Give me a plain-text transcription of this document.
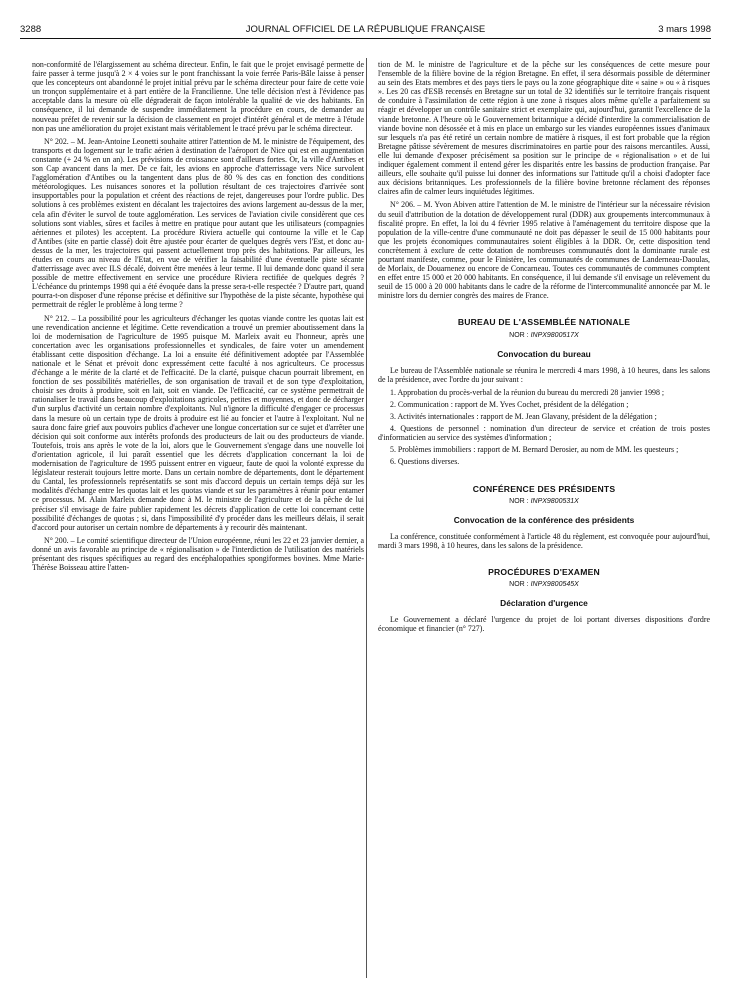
3288	JOURNAL OFFICIEL DE LA RÉPUBLIQUE FRANÇAISE	3 mars 1998

non-conformité de l'élargissement au schéma directeur. Enfin, le fait que le projet envisagé permette de faire passer à terme jusqu'à 2 × 4 voies sur le pont franchissant la voie ferrée Paris-Bâle laisse à penser que les concepteurs ont abandonné le projet initial prévu par le schéma directeur pour faire de cette voie un tronçon supplémentaire et à part entière de la Francilienne. Une telle décision n'est à l'évidence pas acceptable dans la mesure où elle dégraderait de façon intolérable la qualité de vie des habitants. En conséquence, il lui demande de suspendre immédiatement la procédure en cours, de demander au nouveau préfet de revenir sur la décision de classement en projet d'intérêt général et de mettre à l'étude non pas une amélioration du projet existant mais véritablement le tracé prévu par le schéma directeur.

N° 202. – M. Jean-Antoine Leonetti souhaite attirer l'attention de M. le ministre de l'équipement, des transports et du logement sur le trafic aérien à destination de l'aéroport de Nice qui est en augmentation constante (+ 24 % en un an). Les prévisions de croissance sont d'ailleurs fortes. Or, la ville d'Antibes et son Cap avancent dans la mer. De ce fait, les avions en approche d'atterrissage vers Nice survolent l'agglomération d'Antibes ou la tangentent dans plus de 80 % des cas en fonction des conditions météorologiques. Les nuisances sonores et la pollution résultant de ces trajectoires d'arrivée sont insupportables pour la population et créent des réactions de rejet, dangereuses pour l'ordre public. Des solutions à ces problèmes existent en décalant les trajectoires des avions largement au-dessus de la mer, cela afin d'éviter le survol de toute agglomération. Les services de l'aviation civile considèrent que ces solutions sont viables, sûres et faciles à mettre en pratique pour autant que les utilisateurs (compagnies aériennes et pilotes) les acceptent. La procédure Riviera actuelle qui contourne la ville et le Cap d'Antibes (site en partie classé) doit être ajustée pour écarter de quelques degrés vers l'Est, et donc au-dessus de la mer, les trajectoires qui passent actuellement trop près des habitations. Par ailleurs, les études en cours au niveau de l'Etat, en vue de vérifier la faisabilité d'une éventuelle piste sécante d'atterrissage avec avec ILS décalé, doivent être menées à leur terme. Il lui demande donc quand il sera possible de mettre effectivement en service une procédure Riviera rectifiée de quelques degrés ? L'échéance du printemps 1998 qui a été évoquée dans la presse sera-t-elle respectée ? D'autre part, quand pourra-t-on disposer d'une réponse précise et définitive sur l'hypothèse de la piste sécante, hypothèse qui permettrait de régler le problème à long terme ?

N° 212. – La possibilité pour les agriculteurs d'échanger les quotas viande contre les quotas lait est une revendication ancienne et légitime. Cette revendication a trouvé un premier aboutissement dans la loi de modernisation de l'agriculture de 1995 puisque M. Marleix avait eu l'honneur, après une concertation avec les organisations professionnelles et syndicales, de faire voter un amendement établissant cette disposition d'échange. La loi a ensuite été définitivement adoptée par l'Assemblée nationale et le Sénat et prévoit donc expressément cette faculté à nos agriculteurs. Ce processus d'échange a le mérite de la clarté et de l'efficacité. De la clarté, puisque chacun pourrait librement, en fonction de ses possibilités matérielles, de son organisation de travail et de son type d'exploitation, choisir ses droits à produire, soit en lait, soit en viande. De l'efficacité, car ce système permettrait de rationaliser le travail dans beaucoup d'exploitations agricoles, petites et moyennes, et donc de décharger d'un surplus d'activité un certain nombre d'exploitants. Nul n'ignore la difficulté d'engager ce processus dans la mesure où un certain type de droits à produire est lié au foncier et l'autre à l'exploitant. Nul ne saura donc faire grief aux pouvoirs publics d'achever une longue concertation sur ce sujet et d'arrêter une décision qui soit conforme aux intérêts profonds des producteurs de lait ou des producteurs de viande. Toutefois, trois ans après le vote de la loi, alors que le Gouvernement s'engage dans une nouvelle loi d'orientation agricole, il lui paraît essentiel que les décrets d'application concernant la loi de modernisation de l'agriculture de 1995 puissent entrer en vigueur, faute de quoi la volonté expresse du législateur resterait toujours lettre morte. Dans un certain nombre de départements, dont le département du Cantal, les professionnels représentatifs se sont mis d'accord depuis un certain temps déjà sur les modalités d'échange entre les quotas lait et les quotas viande et sur les paramètres à réunir pour entamer ce processus. M. Alain Marleix demande donc à M. le ministre de l'agriculture et de la pêche de lui préciser s'il envisage de faire publier rapidement les décrets d'application de cette loi concernant cette possibilité d'échanges de quotas ; si, dans l'impossibilité d'y procéder dans les meilleurs délais, il serait d'accord pour autoriser un certain nombre de départements à y recourir dès maintenant.

N° 200. – Le comité scientifique directeur de l'Union européenne, réuni les 22 et 23 janvier dernier, a donné un avis favorable au principe de « régionalisation » de l'interdiction de l'utilisation des matériels présentant des risques spécifiques au regard des encéphalopathies spongiformes bovines. Mme Marie-Thérèse Boisseau attire l'atten-

tion de M. le ministre de l'agriculture et de la pêche sur les conséquences de cette mesure pour l'ensemble de la filière bovine de la région Bretagne. En effet, il sera désormais possible de déterminer au sein des Etats membres et des pays tiers le pays ou la zone géographique dite « saine » ou « à risques ». Les 20 cas d'ESB recensés en Bretagne sur un total de 32 identifiés sur le territoire français risquent de conduire à l'assimilation de cette région à une zone à risques alors même qu'elle a parfaitement su réagir et développer un contrôle sanitaire strict et exemplaire qui, aujourd'hui, garantit l'excellence de la viande bretonne. A l'heure où le Gouvernement britannique a décidé d'interdire la commercialisation de viande bovine non désossée et à mis en place un embargo sur les viandes européennes issues d'animaux sur lesquels n'a pas été retiré un certain nombre de matière à risques, il est fort probable que la région Bretagne pâtisse sévèrement de mesures discriminatoires en partie pour des raisons mercantiles. Aussi, elle lui demande d'exposer précisément sa position sur le principe de « régionalisation » et de lui indiquer également comment il entend gérer les disparités entre les bassins de production française. Par ailleurs, elle souhaite qu'il puisse lui donner des informations sur l'attitude qu'il a choisi d'adopter face aux décisions britanniques. Les professionnels de la filière bovine bretonne réclament des réponses claires afin de calmer leurs inquiétudes légitimes.

N° 206. – M. Yvon Abiven attire l'attention de M. le ministre de l'intérieur sur la nécessaire révision du seuil d'attribution de la dotation de développement rural (DDR) aux groupements intercommunaux à fiscalité propre. En effet, la loi du 4 février 1995 relative à l'aménagement du territoire dispose que la population de la ville-centre d'une communauté ne doit pas dépasser le seuil de 15 000 habitants pour que les projets économiques communautaires soient éligibles à la DDR. Or, cette disposition tend concrètement à exclure de cette dotation de nombreuses communautés dont la dominante rurale est pourtant manifeste, comme, pour le Finistère, les communautés de communes de Landerneau-Daoulas, de Morlaix, de Douarnenez ou encore de Concarneau. Toutes ces communautés de communes comptent en effet entre 15 000 et 20 000 habitants. En conséquence, il lui demande s'il envisage un relèvement du seuil de 15 000 à 20 000 habitants dans le cadre de la réforme de l'intercommunalité annoncée par M. le ministre lors du dernier congrès des maires de France.

BUREAU DE L'ASSEMBLÉE NATIONALE
NOR : INPX9800517X
Convocation du bureau

Le bureau de l'Assemblée nationale se réunira le mercredi 4 mars 1998, à 10 heures, dans les salons de la présidence, avec l'ordre du jour suivant :

1. Approbation du procès-verbal de la réunion du bureau du mercredi 28 janvier 1998 ;

2. Communication : rapport de M. Yves Cochet, président de la délégation ;

3. Activités internationales : rapport de M. Jean Glavany, président de la délégation ;

4. Questions de personnel : nomination d'un directeur de service et création de trois postes d'informaticien au service des systèmes d'information ;

5. Problèmes immobiliers : rapport de M. Bernard Derosier, au nom de MM. les questeurs ;

6. Questions diverses.

CONFÉRENCE DES PRÉSIDENTS
NOR : INPX9800531X
Convocation de la conférence des présidents

La conférence, constituée conformément à l'article 48 du règlement, est convoquée pour aujourd'hui, mardi 3 mars 1998, à 10 heures, dans les salons de la présidence.

PROCÉDURES D'EXAMEN
NOR : INPX9800545X
Déclaration d'urgence

Le Gouvernement a déclaré l'urgence du projet de loi portant diverses dispositions d'ordre économique et financier (n° 727).
